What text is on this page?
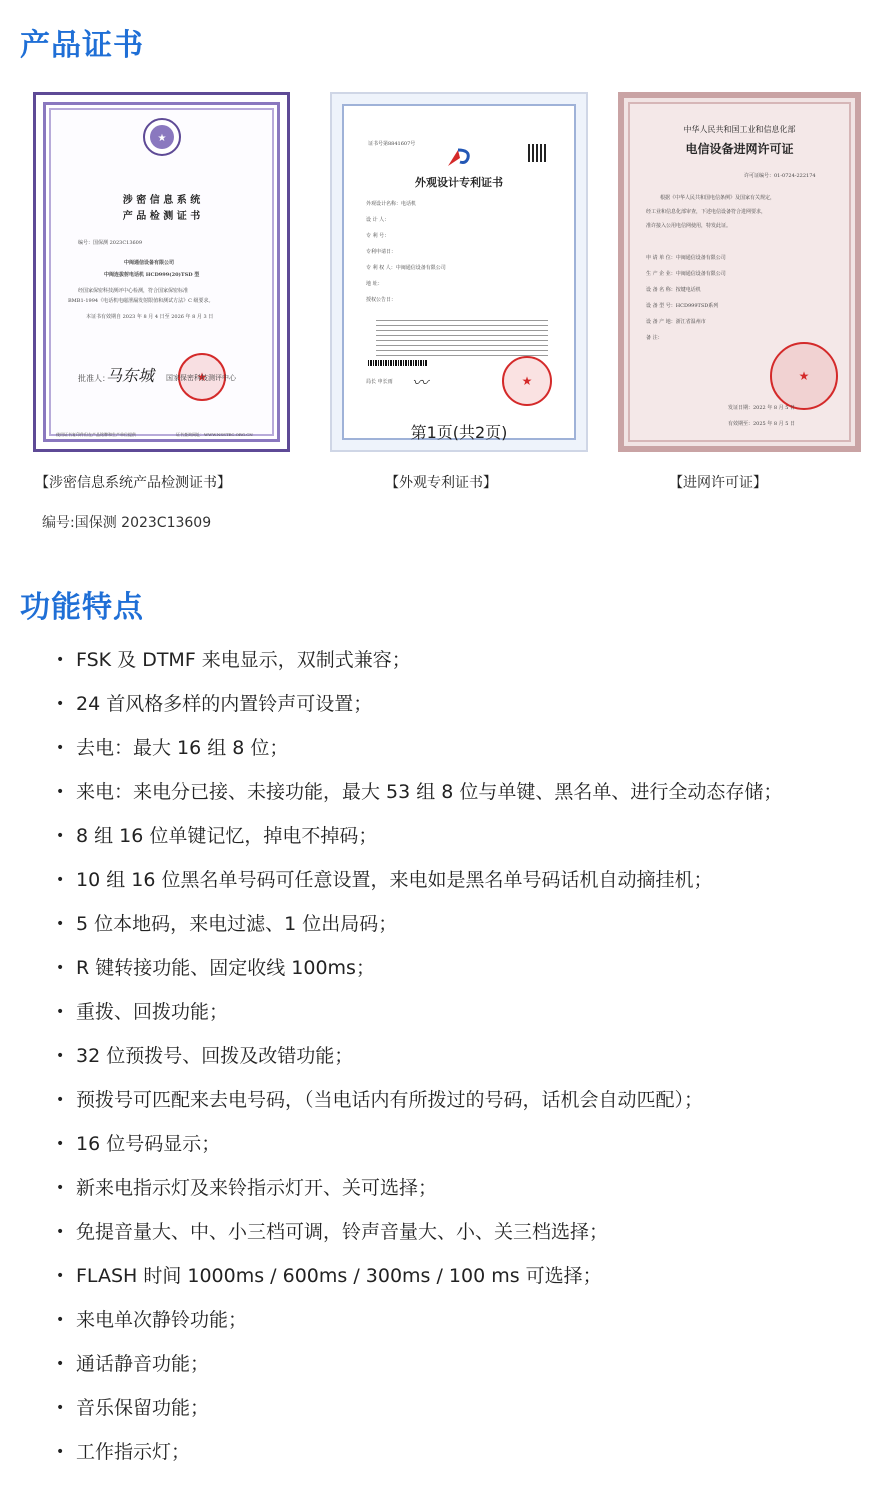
产品证书
★
涉 密 信 息 系 统
产 品 检 测 证 书
编号：国保测 2023C13609
中闽通信设备有限公司
中闽连拔射电话机 HCD999(20)TSD 型
经国家保密科技测评中心检测，符合国家保密标准
BMB1-1994《电话机电磁泄漏发射限值和测试方法》C 级要求。
本证书有效期自 2023 年 8 月 4 日至 2026 年 8 月 3 日
批准人：
马东城
★ 国家保密科技测评中心
使用证书复印件但在产品铭牌和生产单位提供	证书查询网址：WWW.NSSTEC.ORG.CN
证书号第8841607号
外观设计专利证书
外观设计名称：电话机
设 计 人：
专 利 号：
专利申请日：
专 利 权 人：中闽通信设备有限公司
地 址：
授权公告日：
局长 申长雨 〰
★
第1页(共2页)
中华人民共和国工业和信息化部
电信设备进网许可证
许可证编号：01-0724-222174
根据《中华人民共和国电信条例》及国家有关规定，
经工业和信息化部审查，下述电信设备符合进网要求，
准许接入公用电信网使用，特发此证。
申 请 单 位：中闽通信设备有限公司
生 产 企 业：中闽通信设备有限公司
设 备 名 称：按键电话机
设 备 型 号：HCD999TSD系列
设 备 产 地：浙江省温州市
备 注：
★
发证日期：2022 年 8 月 5 日
有效期至：2025 年 8 月 5 日
【涉密信息系统产品检测证书】	【外观专利证书】	【进网许可证】
编号:国保测 2023C13609
功能特点
• FSK 及 DTMF 来电显示，双制式兼容；
• 24 首风格多样的内置铃声可设置；
• 去电：最大 16 组 8 位；
• 来电：来电分已接、未接功能，最大 53 组 8 位与单键、黑名单、进行全动态存储；
• 8 组 16 位单键记忆，掉电不掉码；
• 10 组 16 位黑名单号码可任意设置，来电如是黑名单号码话机自动摘挂机；
• 5 位本地码，来电过滤、1 位出局码；
• R 键转接功能、固定收线 100ms；
• 重拨、回拨功能；
• 32 位预拨号、回拨及改错功能；
• 预拨号可匹配来去电号码，（当电话内有所拨过的号码，话机会自动匹配）；
• 16 位号码显示；
• 新来电指示灯及来铃指示灯开、关可选择；
• 免提音量大、中、小三档可调，铃声音量大、小、关三档选择；
• FLASH 时间 1000ms / 600ms / 300ms / 100 ms 可选择；
• 来电单次静铃功能；
• 通话静音功能；
• 音乐保留功能；
• 工作指示灯；
